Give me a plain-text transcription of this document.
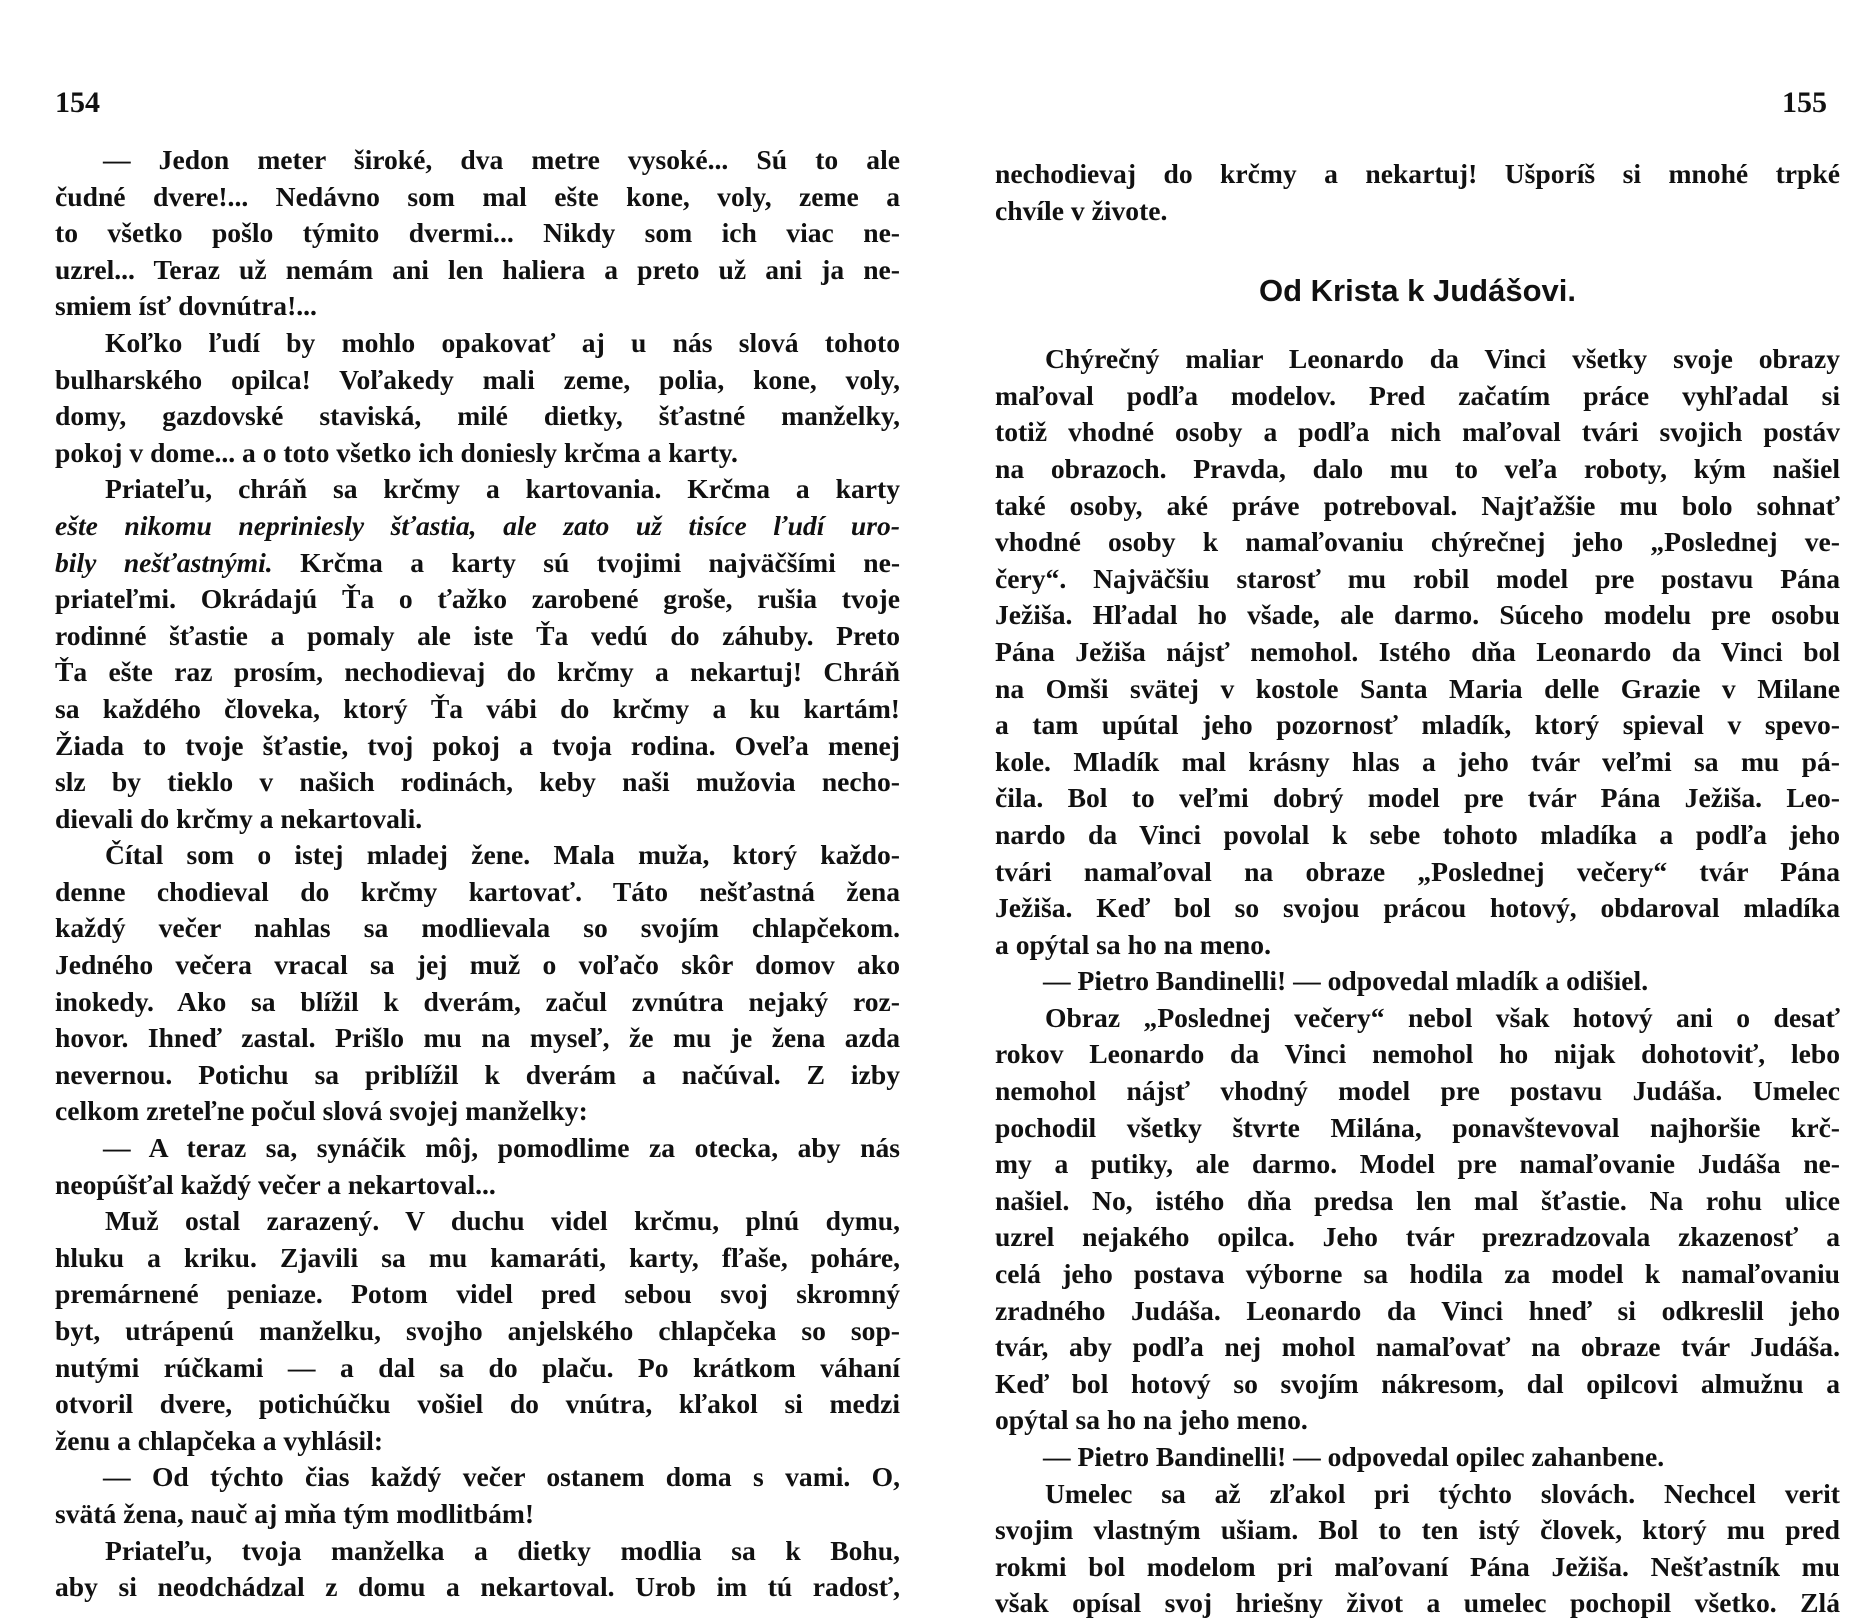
154	155
— Jedon meter široké, dva metre vysoké... Sú to ale
čudné dvere!... Nedávno som mal ešte kone, voly, zeme a
to všetko pošlo týmito dvermi... Nikdy som ich viac ne-
uzrel... Teraz už nemám ani len haliera a preto už ani ja ne-
smiem ísť dovnútra!...
Koľko ľudí by mohlo opakovať aj u nás slová tohoto
bulharského opilca! Voľakedy mali zeme, polia, kone, voly,
domy, gazdovské staviská, milé dietky, šťastné manželky,
pokoj v dome... a o toto všetko ich doniesly krčma a karty.
Priateľu, chráň sa krčmy a kartovania. Krčma a karty
ešte nikomu nepriniesly šťastia, ale zato už tisíce ľudí uro-
bily nešťastnými. Krčma a karty sú tvojimi najväčšími ne-
priateľmi. Okrádajú Ťa o ťažko zarobené groše, rušia tvoje
rodinné šťastie a pomaly ale iste Ťa vedú do záhuby. Preto
Ťa ešte raz prosím, nechodievaj do krčmy a nekartuj! Chráň
sa každého človeka, ktorý Ťa vábi do krčmy a ku kartám!
Žiada to tvoje šťastie, tvoj pokoj a tvoja rodina. Oveľa menej
slz by tieklo v našich rodinách, keby naši mužovia necho-
dievali do krčmy a nekartovali.
Čítal som o istej mladej žene. Mala muža, ktorý každo-
denne chodieval do krčmy kartovať. Táto nešťastná žena
každý večer nahlas sa modlievala so svojím chlapčekom.
Jedného večera vracal sa jej muž o voľačo skôr domov ako
inokedy. Ako sa blížil k dverám, začul zvnútra nejaký roz-
hovor. Ihneď zastal. Prišlo mu na myseľ, že mu je žena azda
nevernou. Potichu sa priblížil k dverám a načúval. Z izby
celkom zreteľne počul slová svojej manželky:
— A teraz sa, synáčik môj, pomodlime za otecka, aby nás
neopúšťal každý večer a nekartoval...
Muž ostal zarazený. V duchu videl krčmu, plnú dymu,
hluku a kriku. Zjavili sa mu kamaráti, karty, fľaše, poháre,
premárnené peniaze. Potom videl pred sebou svoj skromný
byt, utrápenú manželku, svojho anjelského chlapčeka so sop-
nutými rúčkami — a dal sa do plaču. Po krátkom váhaní
otvoril dvere, potichúčku vošiel do vnútra, kľakol si medzi
ženu a chlapčeka a vyhlásil:
— Od týchto čias každý večer ostanem doma s vami. O,
svätá žena, nauč aj mňa tým modlitbám!
Priateľu, tvoja manželka a dietky modlia sa k Bohu,
aby si neodchádzal z domu a nekartoval. Urob im tú radosť,
nechodievaj do krčmy a nekartuj! Ušporíš si mnohé trpké
chvíle v živote.
Od Krista k Judášovi.
Chýrečný maliar Leonardo da Vinci všetky svoje obrazy
maľoval podľa modelov. Pred začatím práce vyhľadal si
totiž vhodné osoby a podľa nich maľoval tvári svojich postáv
na obrazoch. Pravda, dalo mu to veľa roboty, kým našiel
také osoby, aké práve potreboval. Najťažšie mu bolo sohnať
vhodné osoby k namaľovaniu chýrečnej jeho „Poslednej ve-
čery“. Najväčšiu starosť mu robil model pre postavu Pána
Ježiša. Hľadal ho všade, ale darmo. Súceho modelu pre osobu
Pána Ježiša nájsť nemohol. Istého dňa Leonardo da Vinci bol
na Omši svätej v kostole Santa Maria delle Grazie v Milane
a tam upútal jeho pozornosť mladík, ktorý spieval v spevo-
kole. Mladík mal krásny hlas a jeho tvár veľmi sa mu pá-
čila. Bol to veľmi dobrý model pre tvár Pána Ježiša. Leo-
nardo da Vinci povolal k sebe tohoto mladíka a podľa jeho
tvári namaľoval na obraze „Poslednej večery“ tvár Pána
Ježiša. Keď bol so svojou prácou hotový, obdaroval mladíka
a opýtal sa ho na meno.
— Pietro Bandinelli! — odpovedal mladík a odišiel.
Obraz „Poslednej večery“ nebol však hotový ani o desať
rokov Leonardo da Vinci nemohol ho nijak dohotoviť, lebo
nemohol nájsť vhodný model pre postavu Judáša. Umelec
pochodil všetky štvrte Milána, ponavštevoval najhoršie krč-
my a putiky, ale darmo. Model pre namaľovanie Judáša ne-
našiel. No, istého dňa predsa len mal šťastie. Na rohu ulice
uzrel nejakého opilca. Jeho tvár prezradzovala zkazenosť a
celá jeho postava výborne sa hodila za model k namaľovaniu
zradného Judáša. Leonardo da Vinci hneď si odkreslil jeho
tvár, aby podľa nej mohol namaľovať na obraze tvár Judáša.
Keď bol hotový so svojím nákresom, dal opilcovi almužnu a
opýtal sa ho na jeho meno.
— Pietro Bandinelli! — odpovedal opilec zahanbene.
Umelec sa až zľakol pri týchto slovách. Nechcel verit
svojim vlastným ušiam. Bol to ten istý človek, ktorý mu pred
rokmi bol modelom pri maľovaní Pána Ježiša. Nešťastník mu
však opísal svoj hriešny život a umelec pochopil všetko. Zlá
